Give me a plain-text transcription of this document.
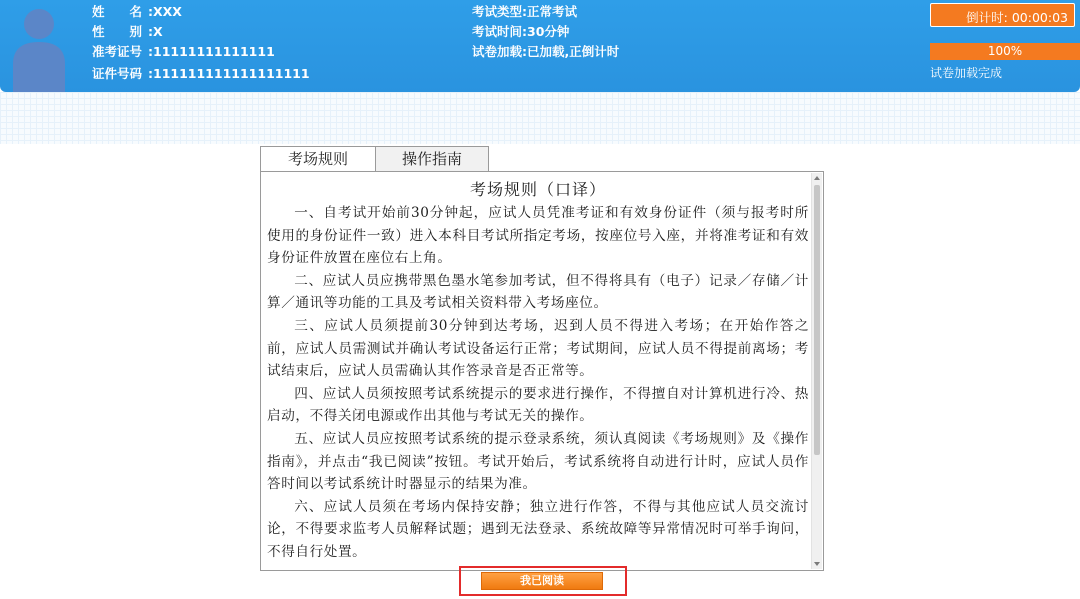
姓　　名 :XXX
性　　别 :X
准考证号 :11111111111111
证件号码 :111111111111111111
考试类型:正常考试
考试时间:30分钟
试卷加载:已加载,正倒计时
倒计时: 00:00:03
100%
试卷加载完成
考场规则	操作指南
考场规则（口译）

一、自考试开始前30分钟起，应试人员凭准考证和有效身份证件（须与报考时所使用的身份证件一致）进入本科目考试所指定考场，按座位号入座，并将准考证和有效身份证件放置在座位右上角。

二、应试人员应携带黑色墨水笔参加考试，但不得将具有（电子）记录／存储／计算／通讯等功能的工具及考试相关资料带入考场座位。

三、应试人员须提前30分钟到达考场，迟到人员不得进入考场；在开始作答之前，应试人员需测试并确认考试设备运行正常；考试期间，应试人员不得提前离场；考试结束后，应试人员需确认其作答录音是否正常等。

四、应试人员须按照考试系统提示的要求进行操作，不得擅自对计算机进行冷、热启动，不得关闭电源或作出其他与考试无关的操作。

五、应试人员应按照考试系统的提示登录系统，须认真阅读《考场规则》及《操作指南》，并点击“我已阅读”按钮。考试开始后，考试系统将自动进行计时，应试人员作答时间以考试系统计时器显示的结果为准。

六、应试人员须在考场内保持安静；独立进行作答，不得与其他应试人员交流讨论，不得要求监考人员解释试题；遇到无法登录、系统故障等异常情况时可举手询问，不得自行处置。

我已阅读
